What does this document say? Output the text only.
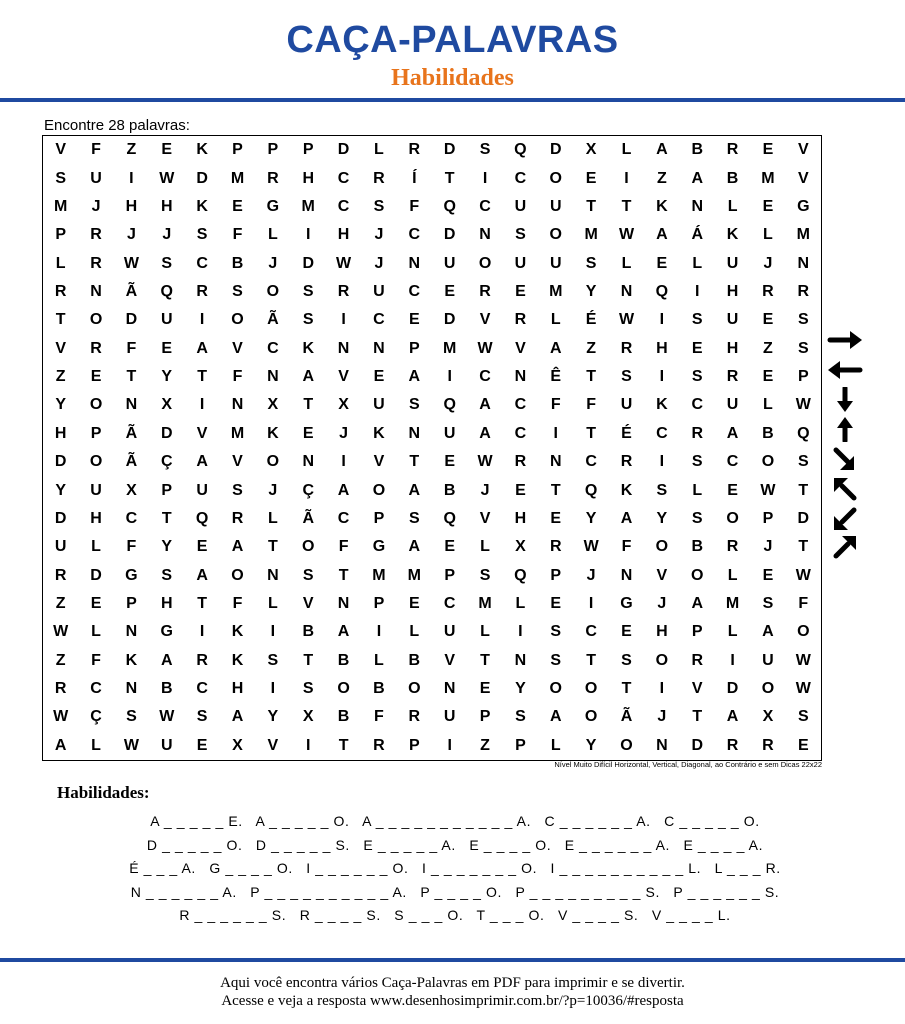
CAÇA-PALAVRAS
Habilidades
Encontre 28 palavras:
V	F	Z	E	K	P	P	P	D	L	R	D	S	Q	D	X	L	A	B	R	E	V
S	U	I	W	D	M	R	H	C	R	Í	T	I	C	O	E	I	Z	A	B	M	V
M	J	H	H	K	E	G	M	C	S	F	Q	C	U	U	T	T	K	N	L	E	G
P	R	J	J	S	F	L	I	H	J	C	D	N	S	O	M	W	A	Á	K	L	M
L	R	W	S	C	B	J	D	W	J	N	U	O	U	U	S	L	E	L	U	J	N
R	N	Ã	Q	R	S	O	S	R	U	C	E	R	E	M	Y	N	Q	I	H	R	R
T	O	D	U	I	O	Ã	S	I	C	E	D	V	R	L	É	W	I	S	U	E	S
V	R	F	E	A	V	C	K	N	N	P	M	W	V	A	Z	R	H	E	H	Z	S
Z	E	T	Y	T	F	N	A	V	E	A	I	C	N	Ê	T	S	I	S	R	E	P
Y	O	N	X	I	N	X	T	X	U	S	Q	A	C	F	F	U	K	C	U	L	W
H	P	Ã	D	V	M	K	E	J	K	N	U	A	C	I	T	É	C	R	A	B	Q
D	O	Ã	Ç	A	V	O	N	I	V	T	E	W	R	N	C	R	I	S	C	O	S
Y	U	X	P	U	S	J	Ç	A	O	A	B	J	E	T	Q	K	S	L	E	W	T
D	H	C	T	Q	R	L	Ã	C	P	S	Q	V	H	E	Y	A	Y	S	O	P	D
U	L	F	Y	E	A	T	O	F	G	A	E	L	X	R	W	F	O	B	R	J	T
R	D	G	S	A	O	N	S	T	M	M	P	S	Q	P	J	N	V	O	L	E	W
Z	E	P	H	T	F	L	V	N	P	E	C	M	L	E	I	G	J	A	M	S	F
W	L	N	G	I	K	I	B	A	I	L	U	L	I	S	C	E	H	P	L	A	O
Z	F	K	A	R	K	S	T	B	L	B	V	T	N	S	T	S	O	R	I	U	W
R	C	N	B	C	H	I	S	O	B	O	N	E	Y	O	O	T	I	V	D	O	W
W	Ç	S	W	S	A	Y	X	B	F	R	U	P	S	A	O	Ã	J	T	A	X	S
A	L	W	U	E	X	V	I	T	R	P	I	Z	P	L	Y	O	N	D	R	R	E
Nível Muito Difícil Horizontal, Vertical, Diagonal, ao Contrário e sem Dicas 22x22
Habilidades:
A _ _ _ _ _ E.   A _ _ _ _ _ O.   A _ _ _ _ _ _ _ _ _ _ _ A.   C _ _ _ _ _ _ A.   C _ _ _ _ _ O.
D _ _ _ _ _ O.   D _ _ _ _ _ S.   E _ _ _ _ _ A.   E _ _ _ _ O.   E _ _ _ _ _ _ A.   E _ _ _ _ A.
É _ _ _ A.   G _ _ _ _ O.   I _ _ _ _ _ _ O.   I _ _ _ _ _ _ _ O.   I _ _ _ _ _ _ _ _ _ _ L.   L _ _ _ R.
N _ _ _ _ _ _ A.   P _ _ _ _ _ _ _ _ _ _ A.   P _ _ _ _ O.   P _ _ _ _ _ _ _ _ _ S.   P _ _ _ _ _ _ S.
R _ _ _ _ _ _ S.   R _ _ _ _ S.   S _ _ _ O.   T _ _ _ O.   V _ _ _ _ S.   V _ _ _ _ L.
Aqui você encontra vários Caça-Palavras em PDF para imprimir e se divertir.
Acesse e veja a resposta www.desenhosimprimir.com.br/?p=10036/#resposta
